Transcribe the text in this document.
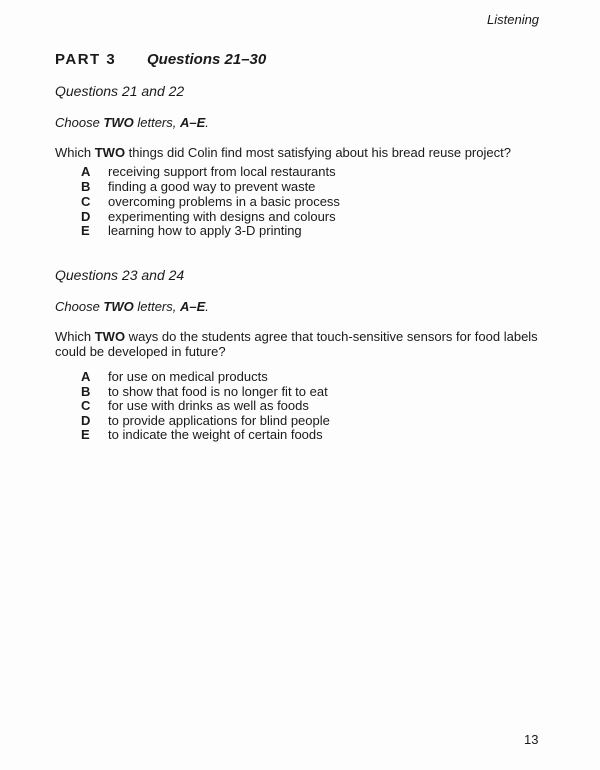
Listening
PART 3 Questions 21–30
Questions 21 and 22
Choose TWO letters, A–E.
Which TWO things did Colin find most satisfying about his bread reuse project?
A receiving support from local restaurants
B finding a good way to prevent waste
C overcoming problems in a basic process
D experimenting with designs and colours
E learning how to apply 3-D printing
Questions 23 and 24
Choose TWO letters, A–E.
Which TWO ways do the students agree that touch-sensitive sensors for food labels
could be developed in future?
A for use on medical products
B to show that food is no longer fit to eat
C for use with drinks as well as foods
D to provide applications for blind people
E to indicate the weight of certain foods
13
